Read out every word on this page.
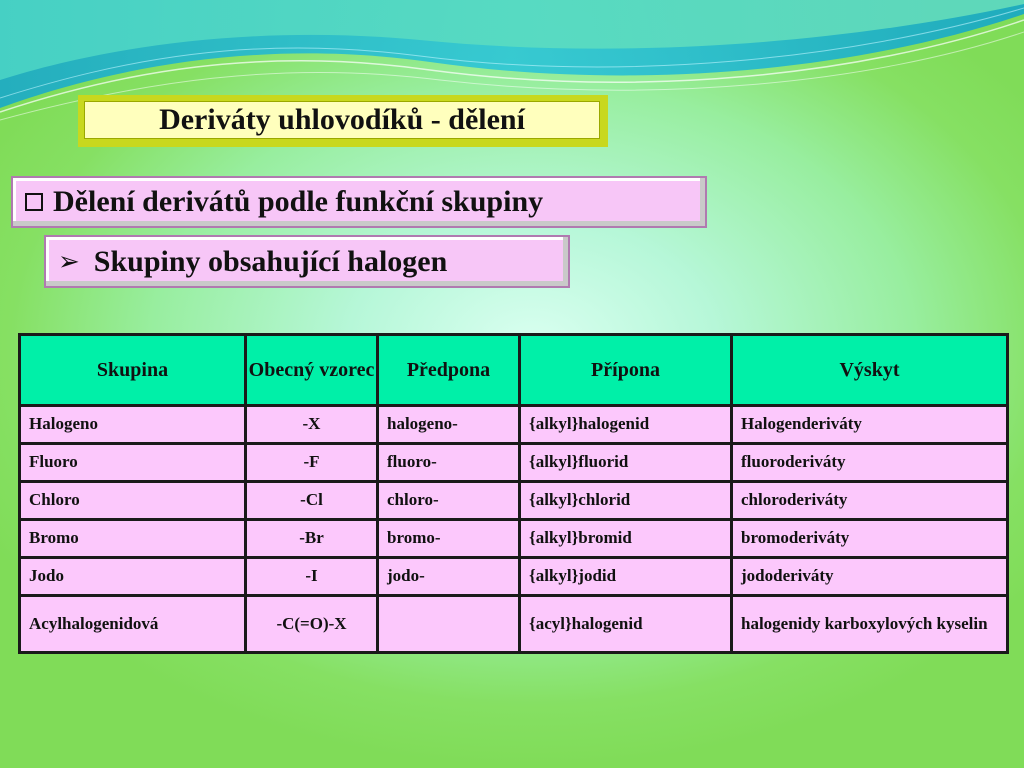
Deriváty uhlovodíků - dělení
Dělení derivátů podle funkční skupiny
➢ Skupiny obsahující halogen
Skupina	Obecný vzorec	Předpona	Přípona	Výskyt
Halogeno	-X	halogeno-	{alkyl}halogenid	Halogenderiváty
Fluoro	-F	fluoro-	{alkyl}fluorid	fluoroderiváty
Chloro	-Cl	chloro-	{alkyl}chlorid	chloroderiváty
Bromo	-Br	bromo-	{alkyl}bromid	bromoderiváty
Jodo	-I	jodo-	{alkyl}jodid	jododeriváty
Acylhalogenidová	-C(=O)-X		{acyl}halogenid	halogenidy karboxylových kyselin
